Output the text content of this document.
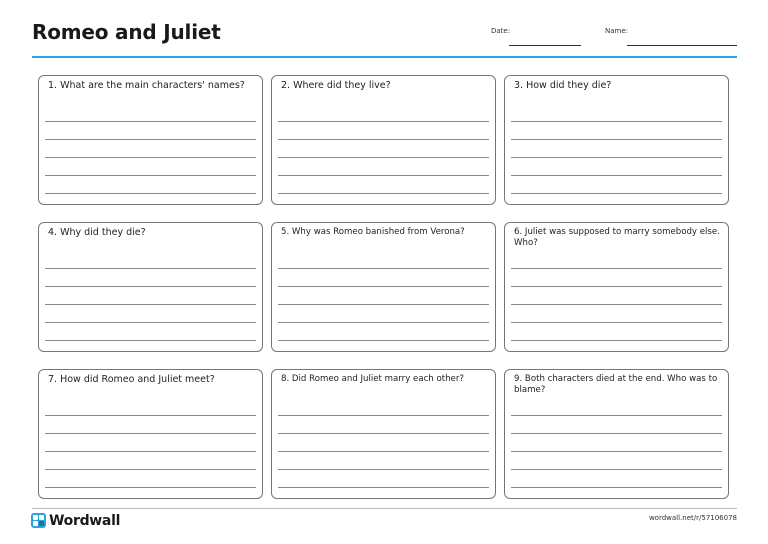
Romeo and Juliet	Date:	Name:
1. What are the main characters' names?	2. Where did they live?	3. How did they die?
4. Why did they die?	5. Why was Romeo banished from Verona?	6. Juliet was supposed to marry somebody else. Who?
7. How did Romeo and Juliet meet?	8. Did Romeo and Juliet marry each other?	9. Both characters died at the end. Who was to blame?
Wordwall	wordwall.net/r/57106078
